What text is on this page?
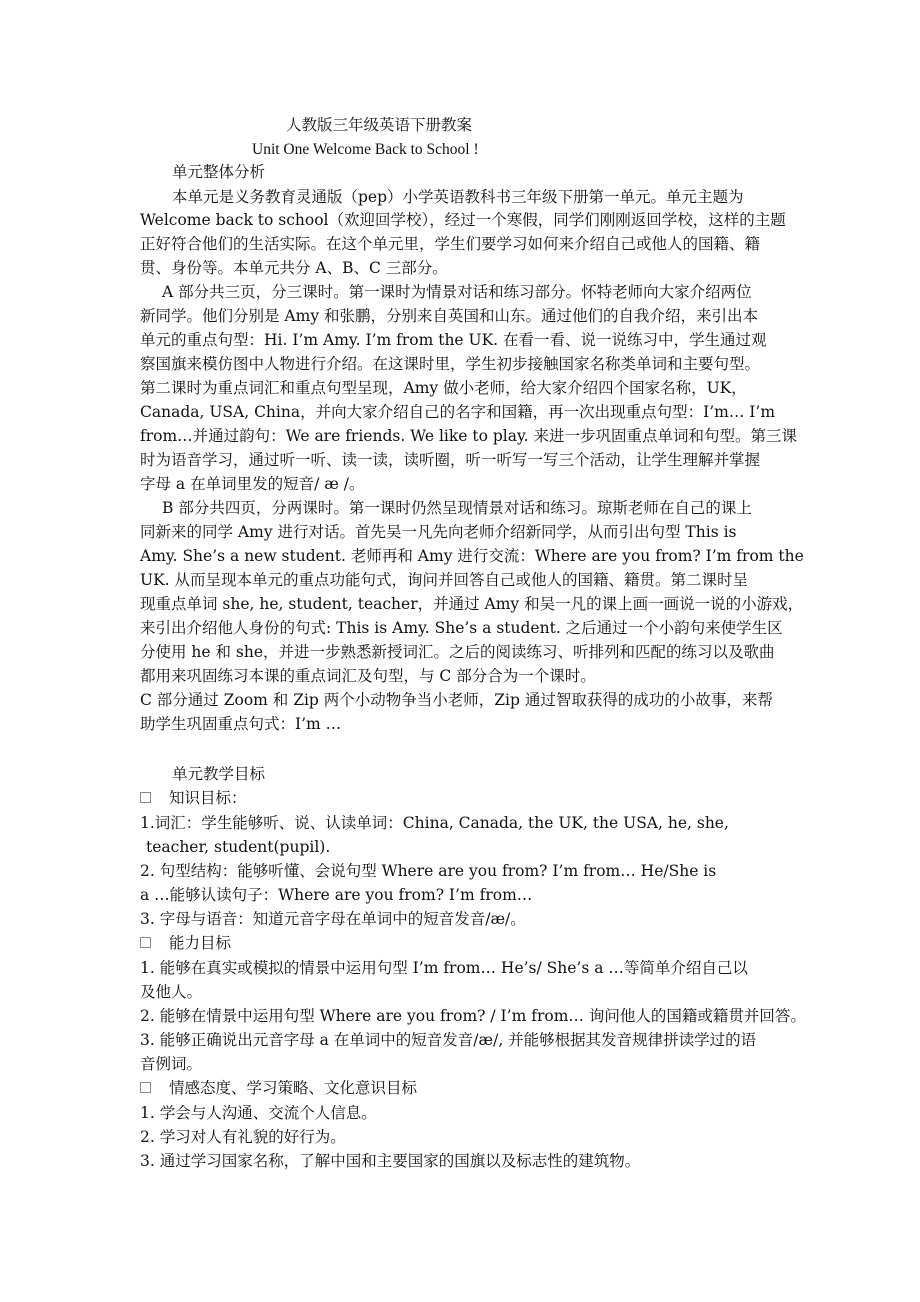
人教版三年级英语下册教案
Unit One Welcome Back to School !
单元整体分析
本单元是义务教育灵通版（pep）小学英语教科书三年级下册第一单元。单元主题为
Welcome back to school（欢迎回学校），经过一个寒假，同学们刚刚返回学校，这样的主题
正好符合他们的生活实际。在这个单元里，学生们要学习如何来介绍自己或他人的国籍、籍
贯、身份等。本单元共分 A、B、C 三部分。
A 部分共三页，分三课时。第一课时为情景对话和练习部分。怀特老师向大家介绍两位
新同学。他们分别是 Amy 和张鹏，分别来自英国和山东。通过他们的自我介绍，来引出本
单元的重点句型：Hi. I’m Amy. I’m from the UK. 在看一看、说一说练习中，学生通过观
察国旗来模仿图中人物进行介绍。在这课时里，学生初步接触国家名称类单词和主要句型。
第二课时为重点词汇和重点句型呈现，Amy 做小老师，给大家介绍四个国家名称，UK，
Canada, USA, China，并向大家介绍自己的名字和国籍，再一次出现重点句型：I’m… I’m
from…并通过韵句：We are friends. We like to play. 来进一步巩固重点单词和句型。第三课
时为语音学习，通过听一听、读一读，读听圈，听一听写一写三个活动，让学生理解并掌握
字母 a 在单词里发的短音/ æ /。
B 部分共四页，分两课时。第一课时仍然呈现情景对话和练习。琼斯老师在自己的课上
同新来的同学 Amy 进行对话。首先吴一凡先向老师介绍新同学，从而引出句型 This is
Amy. She’s a new student. 老师再和 Amy 进行交流：Where are you from? I’m from the
UK. 从而呈现本单元的重点功能句式，询问并回答自己或他人的国籍、籍贯。第二课时呈
现重点单词 she, he, student, teacher，并通过 Amy 和吴一凡的课上画一画说一说的小游戏，
来引出介绍他人身份的句式: This is Amy. She’s a student. 之后通过一个小韵句来使学生区
分使用 he 和 she，并进一步熟悉新授词汇。之后的阅读练习、听排列和匹配的练习以及歌曲
都用来巩固练习本课的重点词汇及句型，与 C 部分合为一个课时。
C 部分通过 Zoom 和 Zip 两个小动物争当小老师，Zip 通过智取获得的成功的小故事，来帮
助学生巩固重点句式：I’m …
单元教学目标
知识目标：
1.词汇：学生能够听、说、认读单词：China, Canada, the UK, the USA, he, she,
teacher, student(pupil).
2. 句型结构：能够听懂、会说句型 Where are you from? I’m from… He/She is
a …能够认读句子：Where are you from? I’m from…
3. 字母与语音：知道元音字母在单词中的短音发音/æ/。
能力目标
1. 能够在真实或模拟的情景中运用句型 I’m from… He’s/ She’s a …等简单介绍自己以
及他人。
2. 能够在情景中运用句型 Where are you from? / I’m from… 询问他人的国籍或籍贯并回答。
3. 能够正确说出元音字母 a 在单词中的短音发音/æ/, 并能够根据其发音规律拼读学过的语
音例词。
情感态度、学习策略、文化意识目标
1. 学会与人沟通、交流个人信息。
2. 学习对人有礼貌的好行为。
3. 通过学习国家名称，了解中国和主要国家的国旗以及标志性的建筑物。
